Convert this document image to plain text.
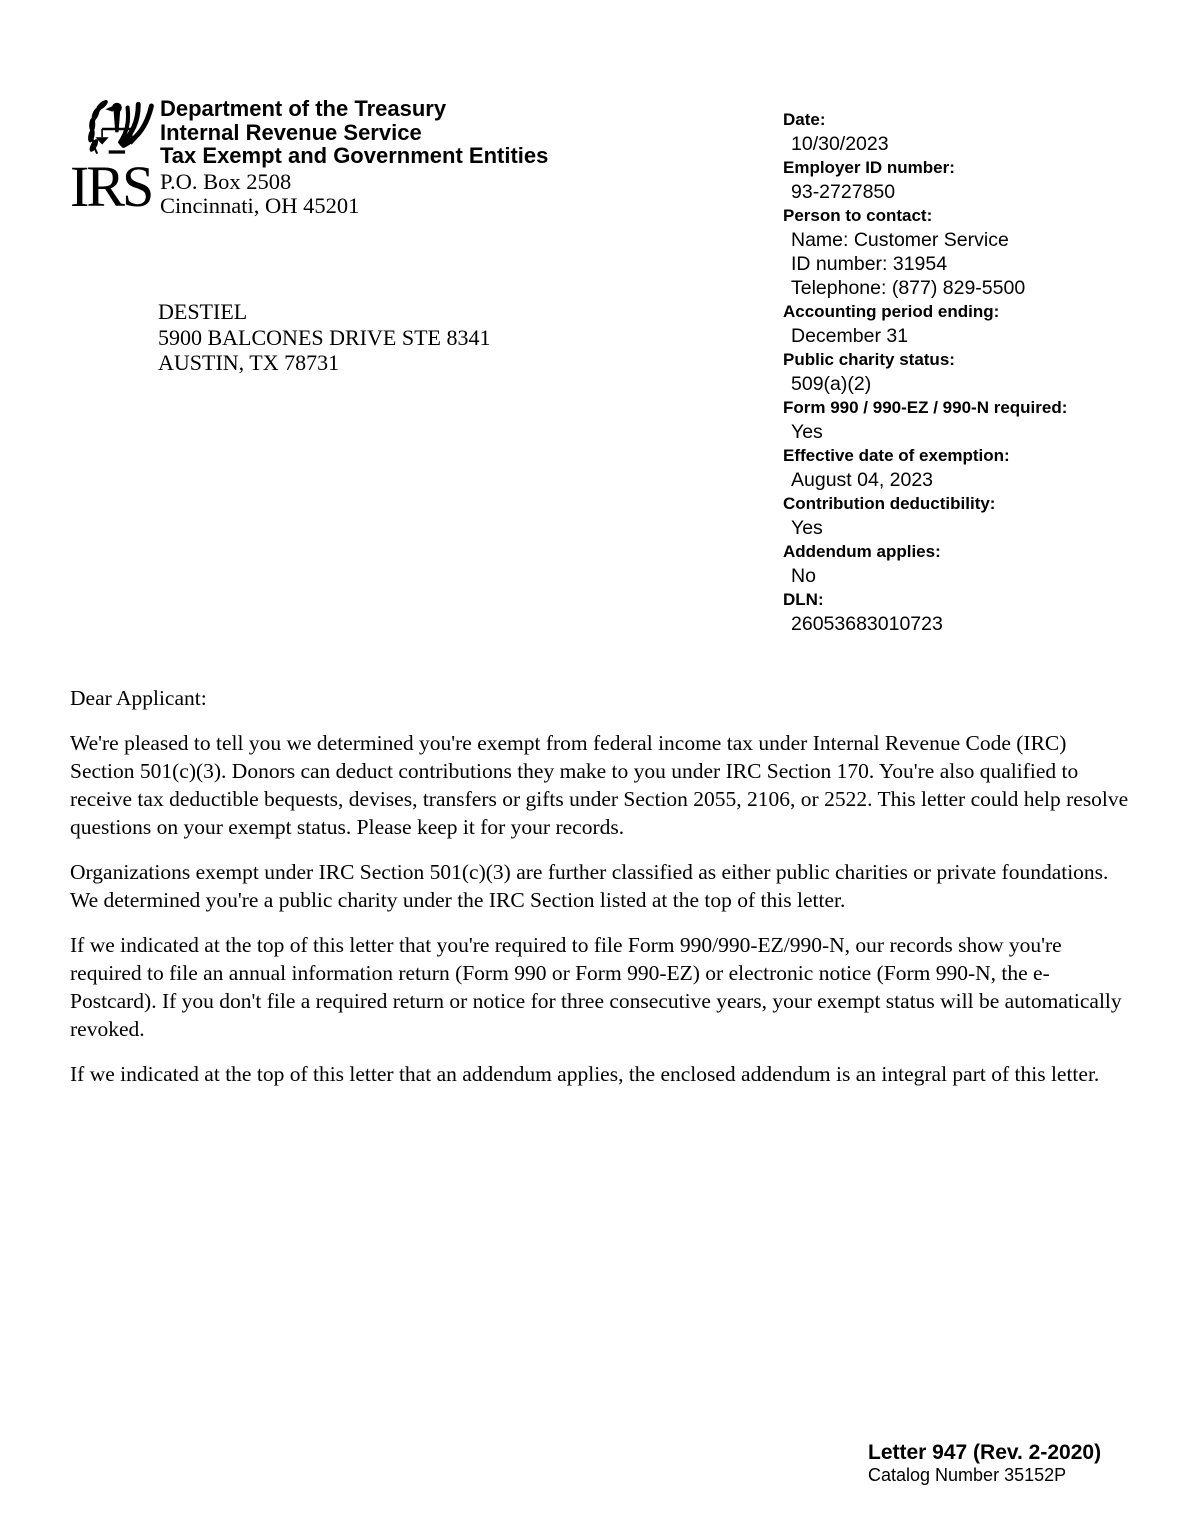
IRS
Department of the Treasury
Internal Revenue Service
Tax Exempt and Government Entities
P.O. Box 2508
Cincinnati, OH 45201
Date:
10/30/2023
Employer ID number:
93-2727850
Person to contact:
Name: Customer Service
ID number: 31954
Telephone: (877) 829-5500
Accounting period ending:
December 31
Public charity status:
509(a)(2)
Form 990 / 990-EZ / 990-N required:
Yes
Effective date of exemption:
August 04, 2023
Contribution deductibility:
Yes
Addendum applies:
No
DLN:
26053683010723
DESTIEL
5900 BALCONES DRIVE STE 8341
AUSTIN, TX 78731

Dear Applicant:

We're pleased to tell you we determined you're exempt from federal income tax under Internal Revenue Code (IRC) Section 501(c)(3). Donors can deduct contributions they make to you under IRC Section 170. You're also qualified to receive tax deductible bequests, devises, transfers or gifts under Section 2055, 2106, or 2522. This letter could help resolve questions on your exempt status. Please keep it for your records.

Organizations exempt under IRC Section 501(c)(3) are further classified as either public charities or private foundations. We determined you're a public charity under the IRC Section listed at the top of this letter.

If we indicated at the top of this letter that you're required to file Form 990/990-EZ/990-N, our records show you're required to file an annual information return (Form 990 or Form 990-EZ) or electronic notice (Form 990-N, the e-Postcard). If you don't file a required return or notice for three consecutive years, your exempt status will be automatically revoked.

If we indicated at the top of this letter that an addendum applies, the enclosed addendum is an integral part of this letter.

Letter 947 (Rev. 2-2020)
Catalog Number 35152P
